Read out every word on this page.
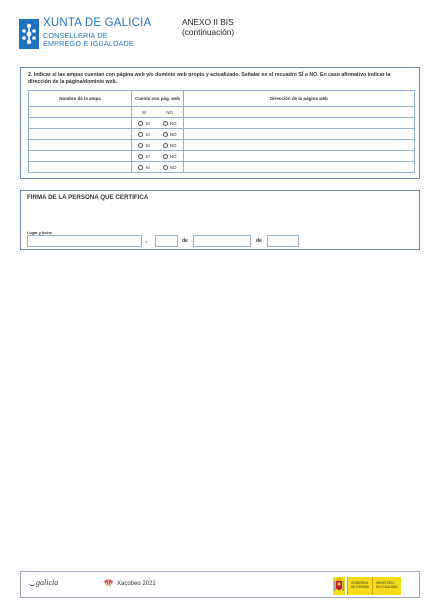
XUNTA DE GALICIA
CONSELLERÍA DE
EMPREGO E IGUALDADE
ANEXO II BIS
(continuación)
2. Indicar si las ampas cuentan con página web y/o dominio web propio y actualizado. Señalar en el recuadro SÍ o NO. En caso afirmativo indicar la dirección de la página/dominio web.
Nombre de la ampa	Cuenta con pág. web	Dirección de la página web

	SÍ NO	

	SÍ NO	

	SÍ NO	

	SÍ NO	

	SÍ NO	

	SÍ NO	

FIRMA DE LA PERSONA QUE CERTIFICA
Lugar y fecha
,	de	de
galicia	Xacobeo 2021	GOBIERNO
DE ESPAÑA
MINISTERIO
DE IGUALDAD
